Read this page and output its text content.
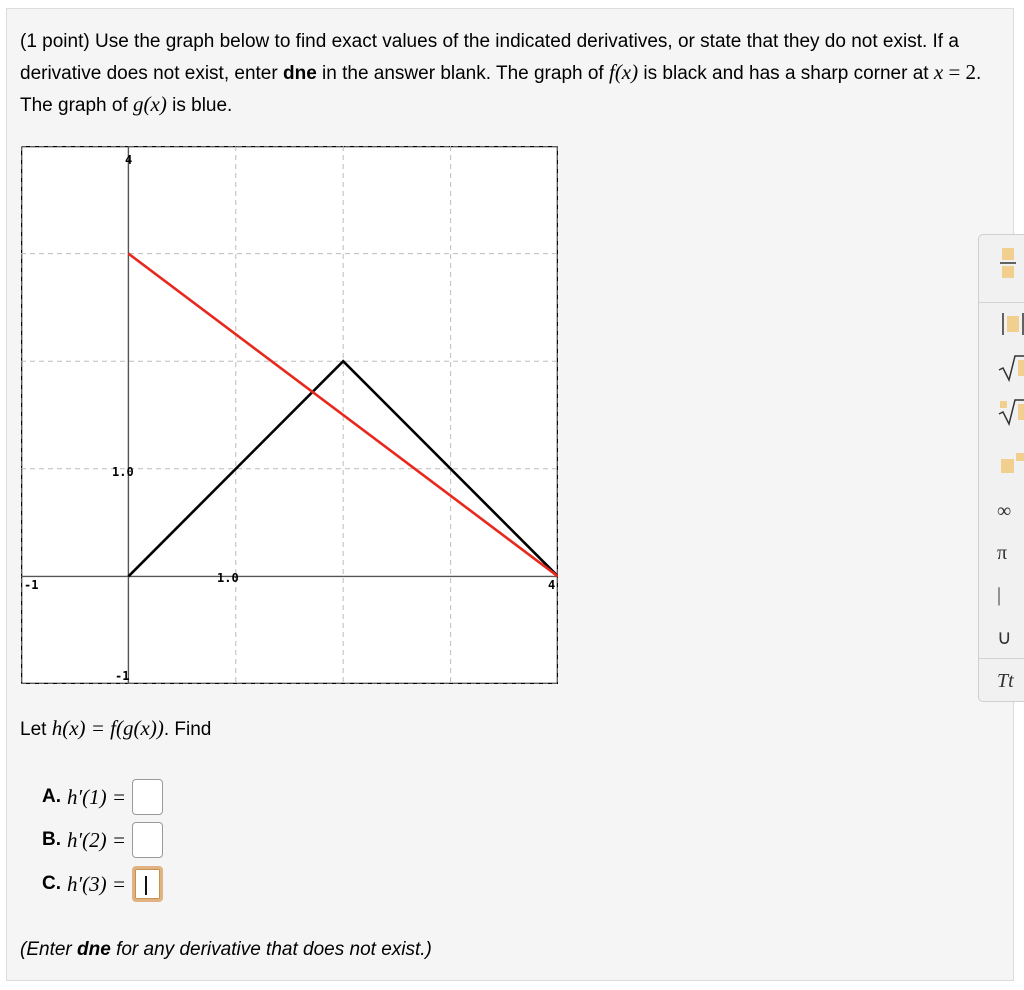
(1 point) Use the graph below to find exact values of the indicated derivatives, or state that they do not exist. If a derivative does not exist, enter dne in the answer blank. The graph of f(x) is black and has a sharp corner at x = 2. The graph of g(x) is blue.
4
1.0
-1	1.0	4
-1
Let h(x) = f(g(x)). Find
A. h′(1) =
B. h′(2) =
C. h′(3) =
(Enter dne for any derivative that does not exist.)
∞
π
|
∪
Tt
